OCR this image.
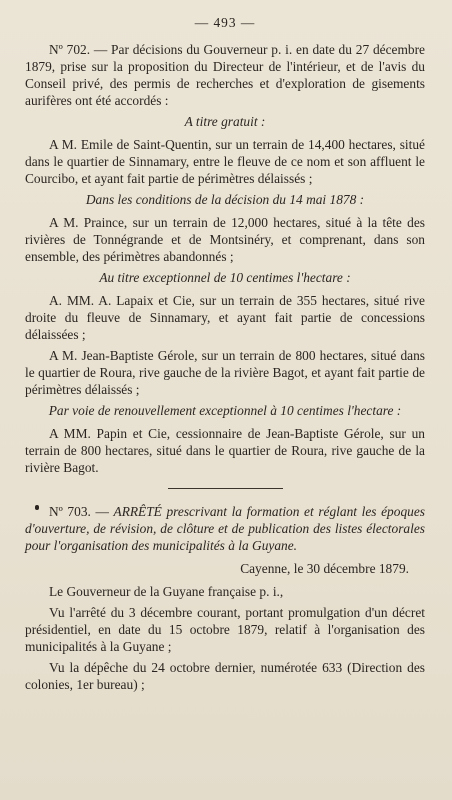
— 493 —

Nº 702. — Par décisions du Gouverneur p. i. en date du 27 décembre 1879, prise sur la proposition du Directeur de l'intérieur, et de l'avis du Conseil privé, des permis de recherches et d'exploration de gisements aurifères ont été accordés :

A titre gratuit :

A M. Emile de Saint-Quentin, sur un terrain de 14,400 hectares, situé dans le quartier de Sinnamary, entre le fleuve de ce nom et son affluent le Courcibo, et ayant fait partie de périmètres délaissés ;

Dans les conditions de la décision du 14 mai 1878 :

A M. Praince, sur un terrain de 12,000 hectares, situé à la tête des rivières de Tonnégrande et de Montsinéry, et comprenant, dans son ensemble, des périmètres abandonnés ;

Au titre exceptionnel de 10 centimes l'hectare :

A. MM. A. Lapaix et Cie, sur un terrain de 355 hectares, situé rive droite du fleuve de Sinnamary, et ayant fait partie de concessions délaissées ;

A M. Jean-Baptiste Gérole, sur un terrain de 800 hectares, situé dans le quartier de Roura, rive gauche de la rivière Bagot, et ayant fait partie de périmètres délaissés ;

Par voie de renouvellement exceptionnel à 10 centimes l'hectare :

A MM. Papin et Cie, cessionnaire de Jean-Baptiste Gérole, sur un terrain de 800 hectares, situé dans le quartier de Roura, rive gauche de la rivière Bagot.

Nº 703. — ARRÊTÉ prescrivant la formation et réglant les époques d'ouverture, de révision, de clôture et de publication des listes électorales pour l'organisation des municipalités à la Guyane.

Cayenne, le 30 décembre 1879.

Le Gouverneur de la Guyane française p. i.,

Vu l'arrêté du 3 décembre courant, portant promulgation d'un décret présidentiel, en date du 15 octobre 1879, relatif à l'organisation des municipalités à la Guyane ;

Vu la dépêche du 24 octobre dernier, numérotée 633 (Direction des colonies, 1er bureau) ;
